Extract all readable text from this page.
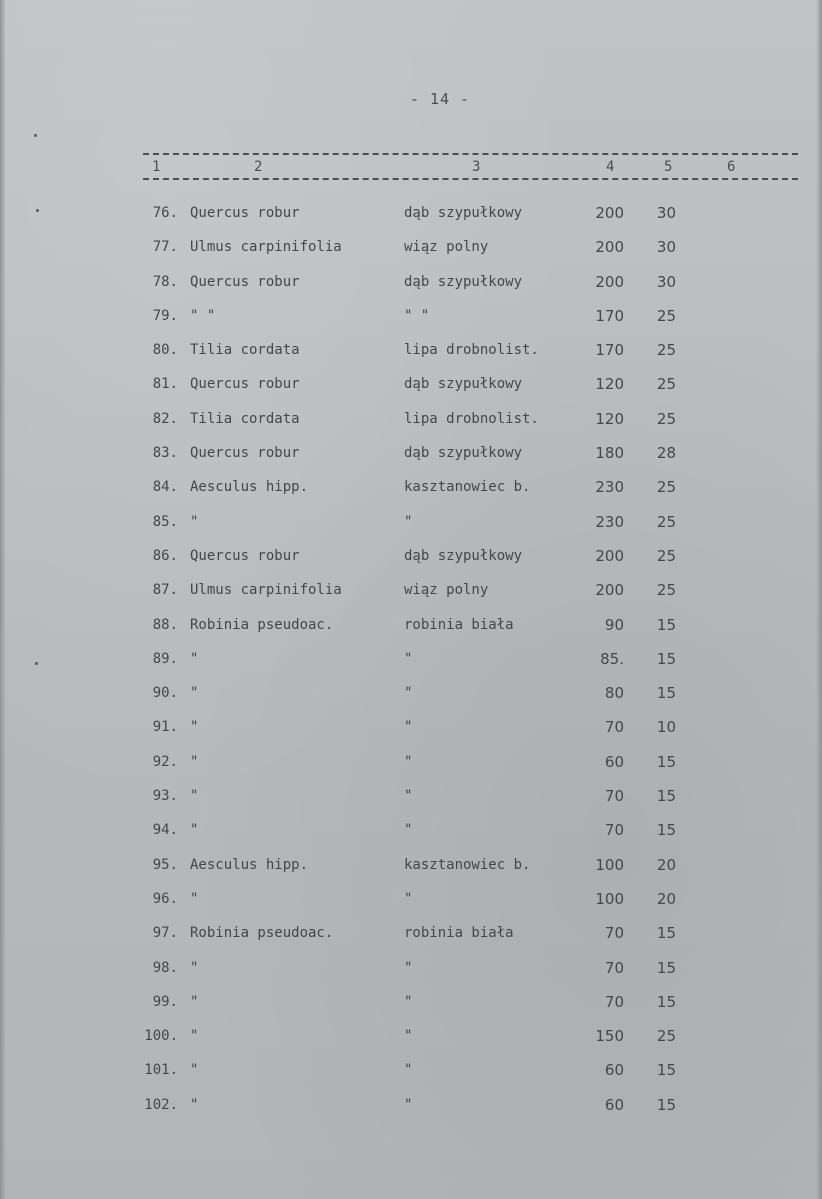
- 14 -
1	2	3	4	5	6
76. Quercus robur	dąb szypułkowy	200	30
77. Ulmus carpinifolia	wiąz polny	200	30
78. Quercus robur	dąb szypułkowy	200	30
79. " "	" "	170	25
80. Tilia cordata	lipa drobnolist.	170	25
81. Quercus robur	dąb szypułkowy	120	25
82. Tilia cordata	lipa drobnolist.	120	25
83. Quercus robur	dąb szypułkowy	180	28
84. Aesculus hipp.	kasztanowiec b.	230	25
85. "	"	230	25
86. Quercus robur	dąb szypułkowy	200	25
87. Ulmus carpinifolia	wiąz polny	200	25
88. Robinia pseudoac.	robinia biała	90	15
89. "	"	85.	15
90. "	"	80	15
91. "	"	70	10
92. "	"	60	15
93. "	"	70	15
94. "	"	70	15
95. Aesculus hipp.	kasztanowiec b.	100	20
96. "	"	100	20
97. Robinia pseudoac.	robinia biała	70	15
98. "	"	70	15
99. "	"	70	15
100. "	"	150	25
101. "	"	60	15
102. "	"	60	15
